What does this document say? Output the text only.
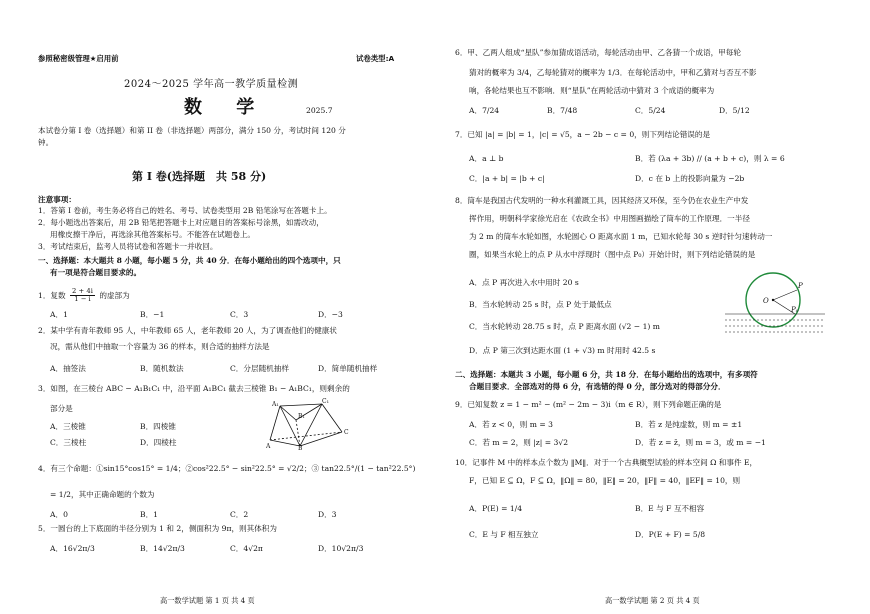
参照秘密级管理★启用前	试卷类型:A
2024～2025 学年高一教学质量检测
数 学	2025.7
本试卷分第 I 卷（选择题）和第 II 卷（非选择题）两部分，满分 150 分，考试时间 120 分
钟。
第 I 卷(选择题　共 58 分)
注意事项：
1．答第 I 卷前，考生务必将自己的姓名、考号、试卷类型用 2B 铅笔涂写在答题卡上。
2．每小题选出答案后，用 2B 铅笔把答题卡上对应题目的答案标号涂黑，如需改动，
用橡皮擦干净后，再选涂其他答案标号。不能答在试题卷上。
3．考试结束后，监考人员将试卷和答题卡一并收回。
一、选择题：本大题共 8 小题，每小题 5 分，共 40 分．在每小题给出的四个选项中，只
有一项是符合题目要求的。
1．复数 $\frac{2 + 4i}{1 - i}$ 的虚部为
A．1	B．−1	C．3	D．−3
2．某中学有青年教师 95 人，中年教师 65 人，老年教师 20 人，为了调查他们的健康状
况，需从他们中抽取一个容量为 36 的样本，则合适的抽样方法是
A．抽签法	B．随机数法	C．分层随机抽样	D．简单随机抽样
3．如图，在三棱台 ABC − A₁B₁C₁ 中，沿平面 A₁BC₁ 截去三棱锥 B₁ − A₁BC₁，则剩余的
部分是
A．三棱锥	B．四棱锥
C．三棱柱	D．四棱柱
A₁
B₁
C₁
A	B
C
4．有三个命题：①sin15°cos15° = 1/4；②cos²22.5° − sin²22.5° = √2/2；③ tan22.5°/(1 − tan²22.5°)
= 1/2，其中正确命题的个数为
A．0	B．1	C．2	D．3
5．一圆台的上下底面的半径分别为 1 和 2，侧面积为 9π，则其体积为
A．16√2π/3	B．14√2π/3	C．4√2π	D．10√2π/3
高一数学试题 第 1 页 共 4 页
6．甲、乙两人组成“星队”参加猜成语活动，每轮活动由甲、乙各猜一个成语，甲每轮
猜对的概率为 3/4，乙每轮猜对的概率为 1/3．在每轮活动中，甲和乙猜对与否互不影
响，各轮结果也互不影响．则“星队”在两轮活动中猜对 3 个成语的概率为
A．7/24	B．7/48	C．5/24	D．5/12
7．已知 |a| = |b| = 1，|c| = √5，a − 2b − c = 0，则下列结论错误的是
A．a ⊥ b	B．若 (λa + 3b) // (a + b + c)，则 λ = 6
C．|a + b| = |b + c|	D．c 在 b 上的投影向量为 −2b
8．筒车是我国古代发明的一种水利灌溉工具，因其经济又环保，至今仍在农业生产中发
挥作用，明朝科学家徐光启在《农政全书》中用图画描绘了筒车的工作原理．一半径
为 2 m 的筒车水轮如图，水轮圆心 O 距离水面 1 m，已知水轮每 30 s 逆时针匀速转动一
圈，如果当水轮上的点 P 从水中浮现时（图中点 P₀）开始计时，则下列结论错误的是
A．点 P 再次进入水中用时 20 s
B．当水轮转动 25 s 时，点 P 处于最低点
C．当水轮转动 28.75 s 时，点 P 距离水面 (√2 − 1) m
D．点 P 第三次到达距水面 (1 + √3) m 时用时 42.5 s
O
P
P₀
二、选择题：本题共 3 小题，每小题 6 分，共 18 分．在每小题给出的选项中，有多项符
合题目要求．全部选对的得 6 分，有选错的得 0 分，部分选对的得部分分．
9．已知复数 z = 1 − m² − (m² − 2m − 3)i（m ∈ R），则下列命题正确的是
A．若 z < 0，则 m = 3	B．若 z 是纯虚数，则 m = ±1
C．若 m = 2，则 |z| = 3√2	D．若 z = z̄，则 m = 3，或 m = −1
10．记事件 M 中的样本点个数为 ‖M‖．对于一个古典概型试验的样本空间 Ω 和事件 E，
F，已知 E ⊆ Ω，F ⊆ Ω，‖Ω‖ = 80，‖E‖ = 20，‖F‖ = 40，‖EF‖ = 10，则
A．P(E) = 1/4	B．E 与 F 互不相容
C．E 与 F 相互独立	D．P(E + F) = 5/8
高一数学试题 第 2 页 共 4 页
